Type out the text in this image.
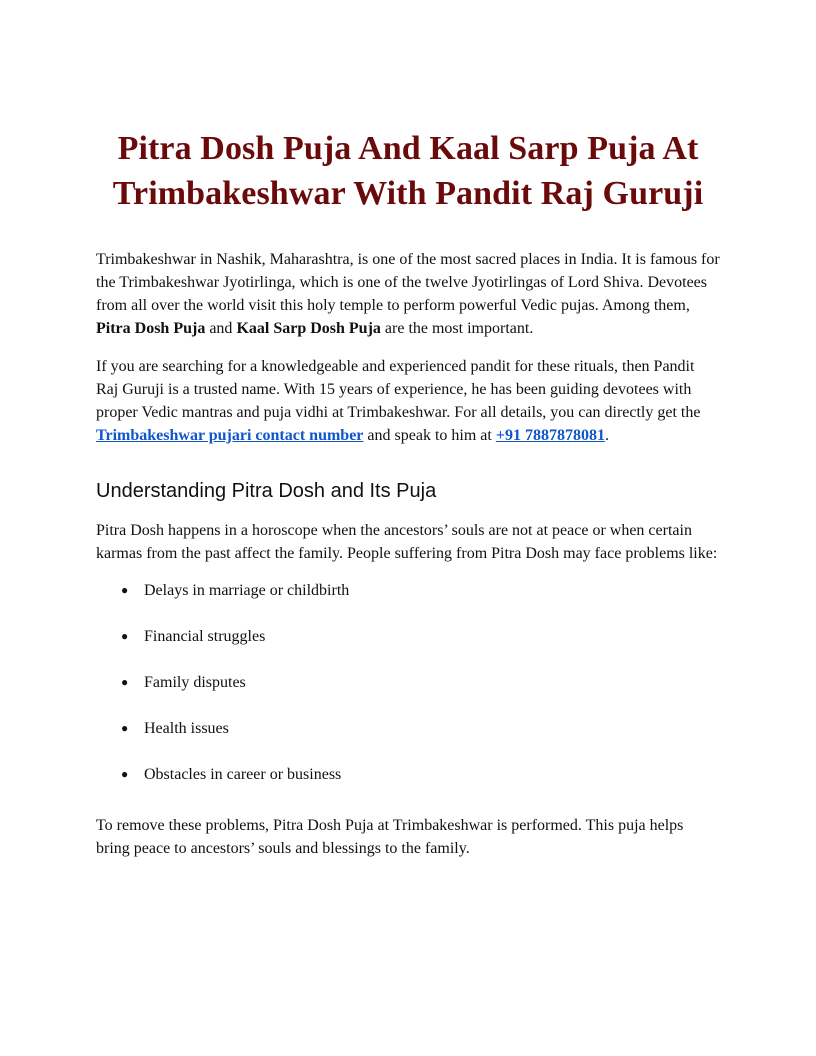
Pitra Dosh Puja And Kaal Sarp Puja At Trimbakeshwar With Pandit Raj Guruji

Trimbakeshwar in Nashik, Maharashtra, is one of the most sacred places in India. It is famous for the Trimbakeshwar Jyotirlinga, which is one of the twelve Jyotirlingas of Lord Shiva. Devotees from all over the world visit this holy temple to perform powerful Vedic pujas. Among them, Pitra Dosh Puja and Kaal Sarp Dosh Puja are the most important.

If you are searching for a knowledgeable and experienced pandit for these rituals, then Pandit Raj Guruji is a trusted name. With 15 years of experience, he has been guiding devotees with proper Vedic mantras and puja vidhi at Trimbakeshwar. For all details, you can directly get the Trimbakeshwar pujari contact number and speak to him at +91 7887878081.

Understanding Pitra Dosh and Its Puja

Pitra Dosh happens in a horoscope when the ancestors’ souls are not at peace or when certain karmas from the past affect the family. People suffering from Pitra Dosh may face problems like:

● Delays in marriage or childbirth
● Financial struggles
● Family disputes
● Health issues
● Obstacles in career or business

To remove these problems, Pitra Dosh Puja at Trimbakeshwar is performed. This puja helps bring peace to ancestors’ souls and blessings to the family.
